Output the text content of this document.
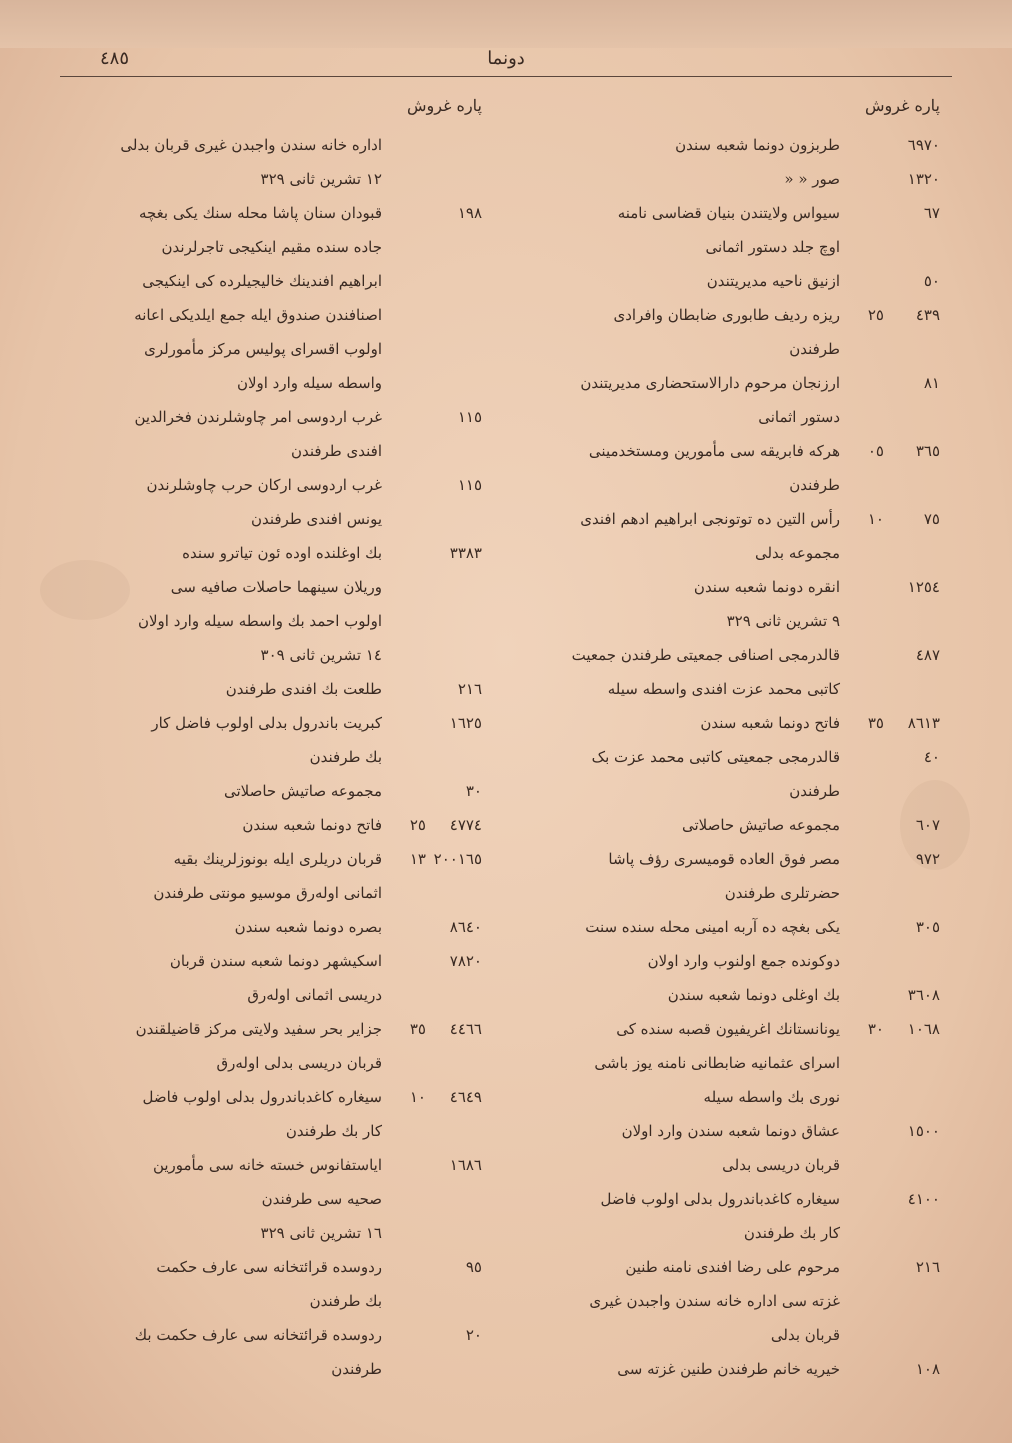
٤٨٥	دونما
پاره غروش
٦٩٧٠
طربزون دونما شعبه سندن
١٣٢٠
صور « «
٦٧
سیواس ولایتندن بنیان قضاسی نامنه
اوچ جلد دستور اثمانی
٥٠
ازنیق ناحیه مدیریتندن
٢٥	٤٣٩
ریزه ردیف طابوری ضابطان وافرادی
طرفندن
٨١
ارزنجان مرحوم دارالاستحضاری مدیریتندن
دستور اثمانی
٠٥	٣٦٥
هرکه فابریقه سی مأمورین ومستخدمینی
طرفندن
١٠	٧٥
رأس التین ده توتونجی ابراهیم ادهم افندی
مجموعه بدلی
١٢٥٤
انقره دونما شعبه سندن
٩ تشرین ثانی ٣٢٩
٤٨٧
قالدرمجی اصنافی جمعیتی طرفندن جمعیت
کاتبی محمد عزت افندی واسطه سیله
٣٥	٨٦١٣
فاتح دونما شعبه سندن
٤٠
قالدرمجی جمعیتی کاتبی محمد عزت بک
طرفندن
٦٠٧
مجموعه صاتیش حاصلاتی
٩٧٢
مصر فوق العاده قومیسری رؤف پاشا
حضرتلری طرفندن
٣٠٥
یکی بغچه ده آربه امینی محله سنده سنت
دوکونده جمع اولنوب وارد اولان
٣٦٠٨
بك اوغلی دونما شعبه سندن
٣٠	١٠٦٨
یونانستانك اغریفیون قصبه سنده کی
اسرای عثمانیه ضابطانی نامنه یوز باشی
نوری بك واسطه سیله
١٥٠٠
عشاق دونما شعبه سندن وارد اولان
قربان دریسی بدلی
٤١٠٠
سیغاره کاغدباندرول بدلی اولوب فاضل
کار بك طرفندن
٢١٦
مرحوم علی رضا افندی نامنه طنین
غزته سی اداره خانه سندن واجبدن غیری
قربان بدلی
١٠٨
خیریه خانم طرفندن طنین غزته سی
پاره غروش
اداره خانه سندن واجبدن غیری قربان بدلی
١٢ تشرین ثانی ٣٢٩
١٩٨
قبودان سنان پاشا محله سنك یکی بغچه
جاده سنده مقیم اینکیجی تاجرلرندن
ابراهیم افندینك خالیجیلرده کی اینکیجی
اصنافندن صندوق ایله جمع ایلدیکی اعانه
اولوب اقسرای پولیس مرکز مأمورلری
واسطه سیله وارد اولان
١١٥
غرب اردوسی امر چاوشلرندن فخرالدین
افندی طرفندن
١١٥
غرب اردوسی ارکان حرب چاوشلرندن
یونس افندی طرفندن
٣٣٨٣
بك اوغلنده اوده ئون تیاترو سنده
وریلان سینهما حاصلات صافیه سی
اولوب احمد بك واسطه سیله وارد اولان
١٤ تشرین ثانی ٣٠٩
٢١٦
طلعت بك افندی طرفندن
١٦٢٥
کبریت باندرول بدلی اولوب فاضل کار
بك طرفندن
٣٠
مجموعه صاتیش حاصلاتی
٢٥	٤٧٧٤
فاتح دونما شعبه سندن
١٣ ٢٠٠١٦٥
قربان دریلری ایله بونوزلرینك بقیه
اثمانی اولەرق موسیو مونتی طرفندن
٨٦٤٠
بصره دونما شعبه سندن
٧٨٢٠
اسکیشهر دونما شعبه سندن قربان
دریسی اثمانی اولەرق
٣٥	٤٤٦٦
جزایر بحر سفید ولایتی مرکز قاضیلقندن
قربان دریسی بدلی اولەرق
١٠	٤٦٤٩
سیغاره کاغدباندرول بدلی اولوب فاضل
کار بك طرفندن
١٦٨٦
ایاستفانوس خسته خانه سی مأمورین
صحیه سی طرفندن
١٦ تشرین ثانی ٣٢٩
٩٥
ردوسده قرائتخانه سی عارف حکمت
بك طرفندن
٢٠
ردوسده قرائتخانه سی عارف حکمت بك
طرفندن
